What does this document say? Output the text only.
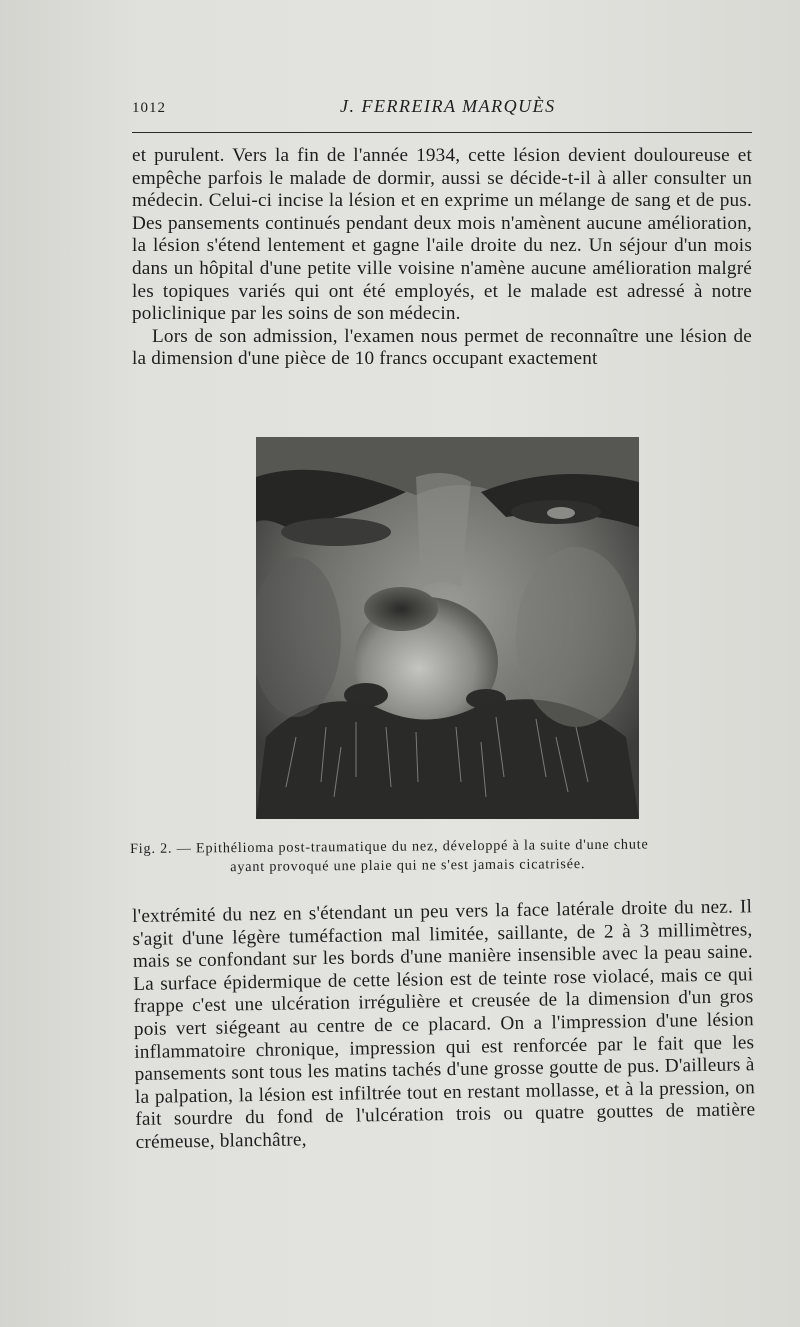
1012	J. FERREIRA MARQUÈS

et purulent. Vers la fin de l'année 1934, cette lésion devient douloureuse et empêche parfois le malade de dormir, aussi se décide-t-il à aller consulter un médecin. Celui-ci incise la lésion et en exprime un mélange de sang et de pus. Des pansements continués pendant deux mois n'amènent aucune amélioration, la lésion s'étend lentement et gagne l'aile droite du nez. Un séjour d'un mois dans un hôpital d'une petite ville voisine n'amène aucune amélioration malgré les topiques variés qui ont été employés, et le malade est adressé à notre policlinique par les soins de son médecin.

Lors de son admission, l'examen nous permet de reconnaître une lésion de la dimension d'une pièce de 10 francs occupant exactement

Fig. 2. — Epithélioma post-traumatique du nez, développé à la suite d'une chute
ayant provoqué une plaie qui ne s'est jamais cicatrisée.

l'extrémité du nez en s'étendant un peu vers la face latérale droite du nez. Il s'agit d'une légère tuméfaction mal limitée, saillante, de 2 à 3 millimètres, mais se confondant sur les bords d'une manière insensible avec la peau saine. La surface épidermique de cette lésion est de teinte rose violacé, mais ce qui frappe c'est une ulcération irrégulière et creusée de la dimension d'un gros pois vert siégeant au centre de ce placard. On a l'impression d'une lésion inflammatoire chronique, impression qui est renforcée par le fait que les pansements sont tous les matins tachés d'une grosse goutte de pus. D'ailleurs à la palpation, la lésion est infiltrée tout en restant mollasse, et à la pression, on fait sourdre du fond de l'ulcération trois ou quatre gouttes de matière crémeuse, blanchâtre,
